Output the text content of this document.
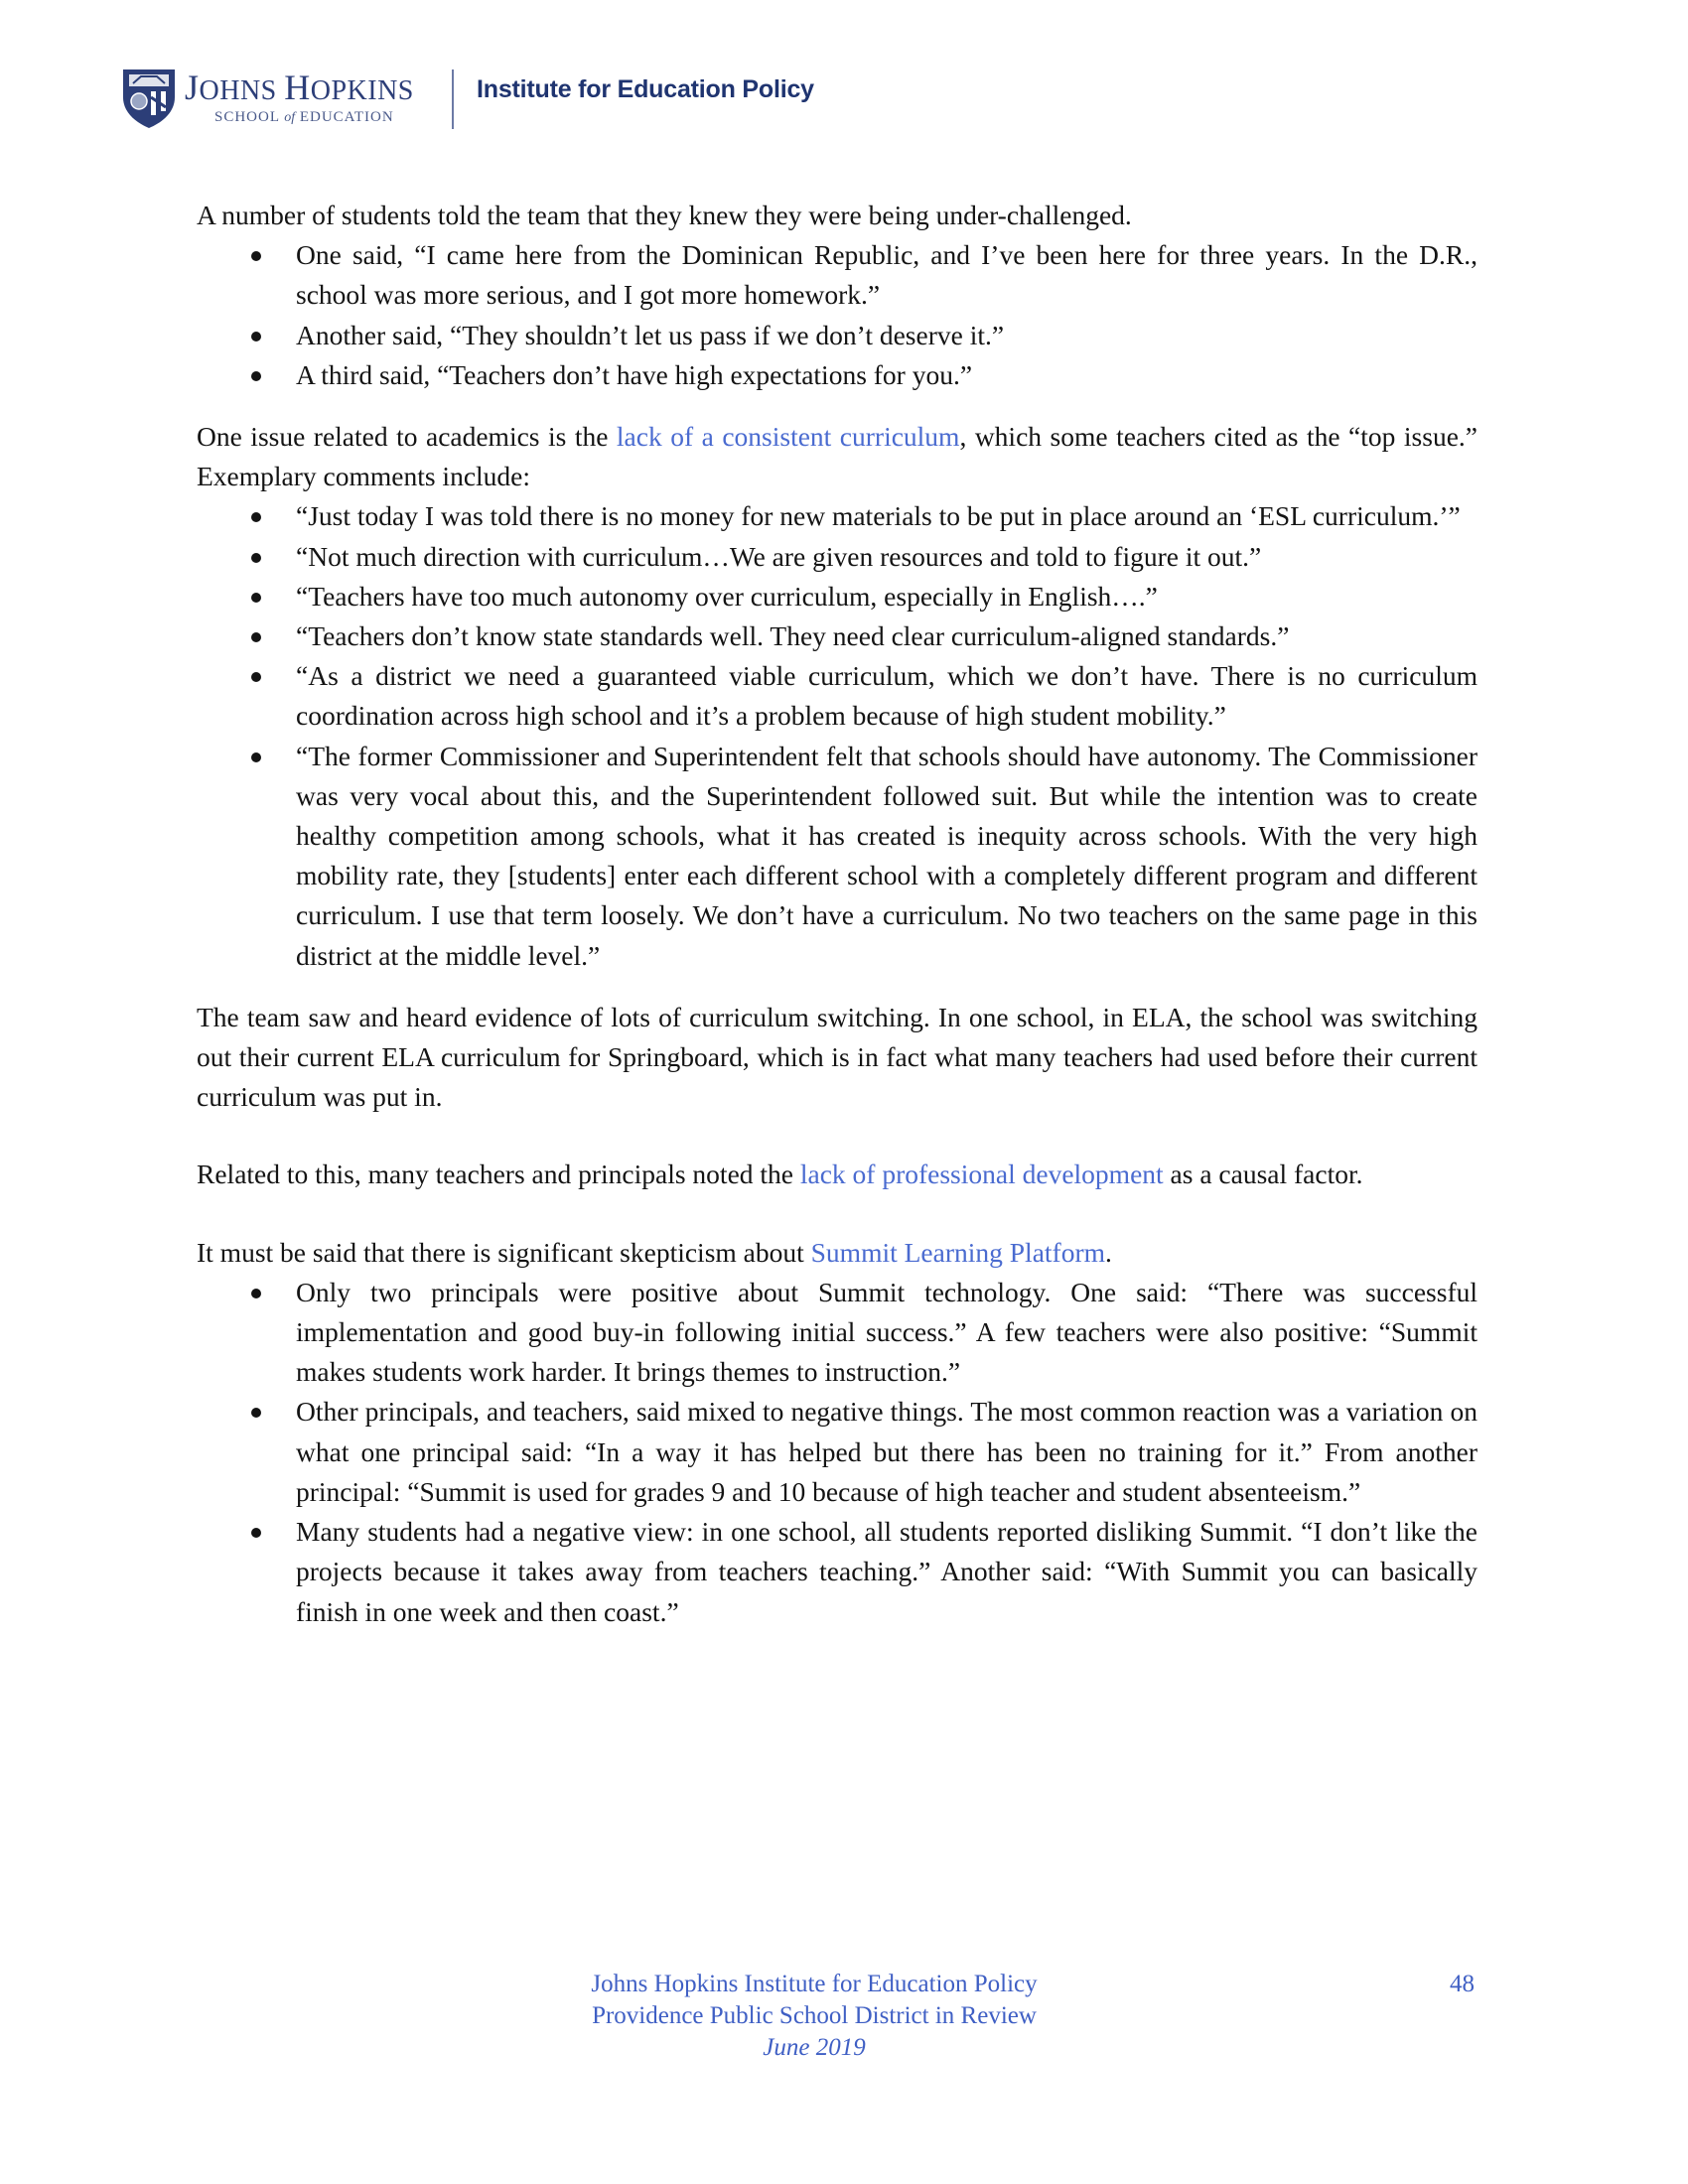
JOHNS HOPKINS
SCHOOL of EDUCATION
Institute for Education Policy

A number of students told the team that they knew they were being under-challenged.

One said, “I came here from the Dominican Republic, and I’ve been here for three years. In the D.R., school was more serious, and I got more homework.”
Another said, “They shouldn’t let us pass if we don’t deserve it.”
A third said, “Teachers don’t have high expectations for you.”

One issue related to academics is the lack of a consistent curriculum, which some teachers cited as the “top issue.” Exemplary comments include:

“Just today I was told there is no money for new materials to be put in place around an ‘ESL curriculum.’”
“Not much direction with curriculum…We are given resources and told to figure it out.”
“Teachers have too much autonomy over curriculum, especially in English….”
“Teachers don’t know state standards well. They need clear curriculum-aligned standards.”
“As a district we need a guaranteed viable curriculum, which we don’t have. There is no curriculum coordination across high school and it’s a problem because of high student mobility.”
“The former Commissioner and Superintendent felt that schools should have autonomy. The Commissioner was very vocal about this, and the Superintendent followed suit. But while the intention was to create healthy competition among schools, what it has created is inequity across schools. With the very high mobility rate, they [students] enter each different school with a completely different program and different curriculum. I use that term loosely. We don’t have a curriculum. No two teachers on the same page in this district at the middle level.”

The team saw and heard evidence of lots of curriculum switching. In one school, in ELA, the school was switching out their current ELA curriculum for Springboard, which is in fact what many teachers had used before their current curriculum was put in.

Related to this, many teachers and principals noted the lack of professional development as a causal factor.

It must be said that there is significant skepticism about Summit Learning Platform.

Only two principals were positive about Summit technology. One said: “There was successful implementation and good buy-in following initial success.” A few teachers were also positive: “Summit makes students work harder. It brings themes to instruction.”
Other principals, and teachers, said mixed to negative things. The most common reaction was a variation on what one principal said: “In a way it has helped but there has been no training for it.” From another principal: “Summit is used for grades 9 and 10 because of high teacher and student absenteeism.”
Many students had a negative view: in one school, all students reported disliking Summit. “I don’t like the projects because it takes away from teachers teaching.” Another said: “With Summit you can basically finish in one week and then coast.”
Johns Hopkins Institute for Education Policy
Providence Public School District in Review
June 2019
48
